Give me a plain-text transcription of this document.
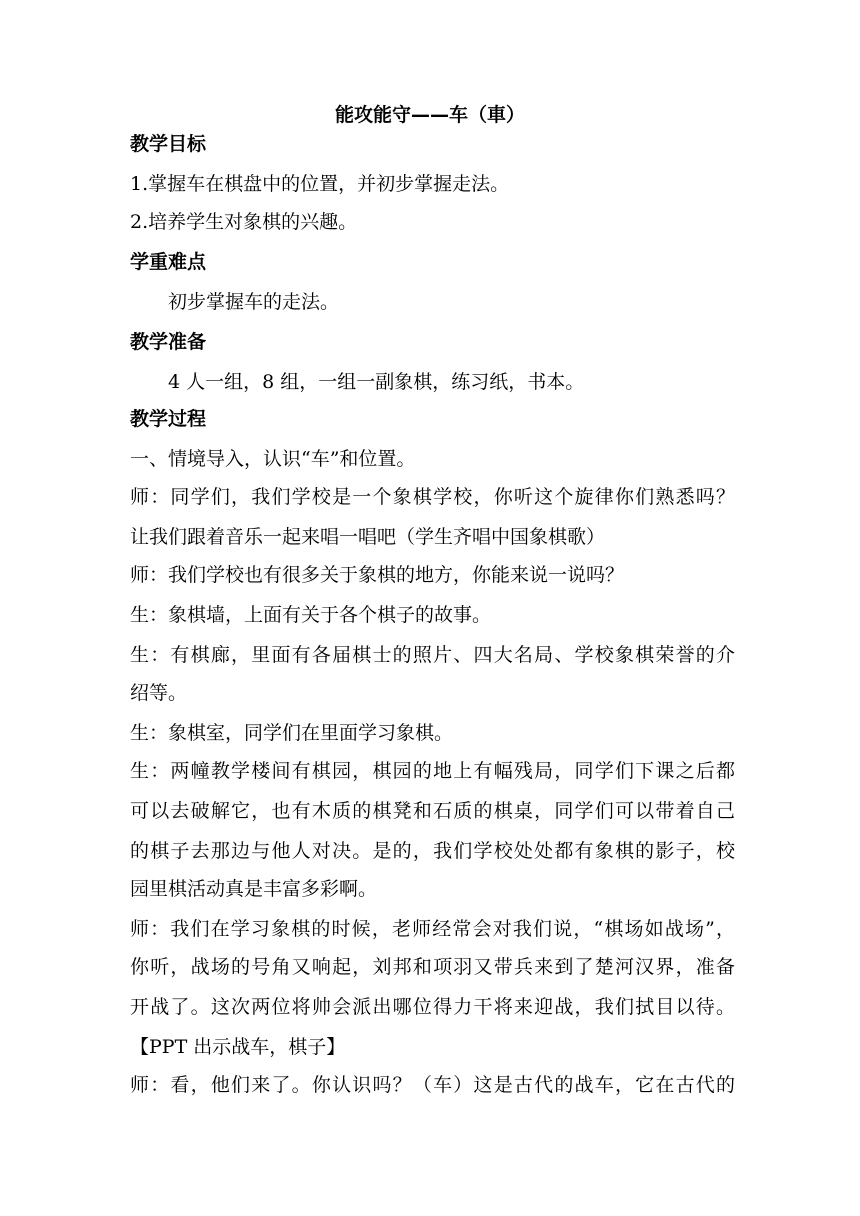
能攻能守——车（車）
教学目标
1.掌握车在棋盘中的位置，并初步掌握走法。
2.培养学生对象棋的兴趣。
学重难点
初步掌握车的走法。
教学准备
4 人一组，8 组，一组一副象棋，练习纸，书本。
教学过程
一、情境导入，认识“车”和位置。
师：同学们，我们学校是一个象棋学校，你听这个旋律你们熟悉吗？
让我们跟着音乐一起来唱一唱吧（学生齐唱中国象棋歌）
师：我们学校也有很多关于象棋的地方，你能来说一说吗？
生：象棋墙，上面有关于各个棋子的故事。
生：有棋廊，里面有各届棋士的照片、四大名局、学校象棋荣誉的介
绍等。
生：象棋室，同学们在里面学习象棋。
生：两幢教学楼间有棋园，棋园的地上有幅残局，同学们下课之后都
可以去破解它，也有木质的棋凳和石质的棋桌，同学们可以带着自己
的棋子去那边与他人对决。是的，我们学校处处都有象棋的影子，校
园里棋活动真是丰富多彩啊。
师：我们在学习象棋的时候，老师经常会对我们说，“棋场如战场”，
你听，战场的号角又响起，刘邦和项羽又带兵来到了楚河汉界，准备
开战了。这次两位将帅会派出哪位得力干将来迎战，我们拭目以待。
【PPT 出示战车，棋子】
师：看，他们来了。你认识吗？（车）这是古代的战车，它在古代的
